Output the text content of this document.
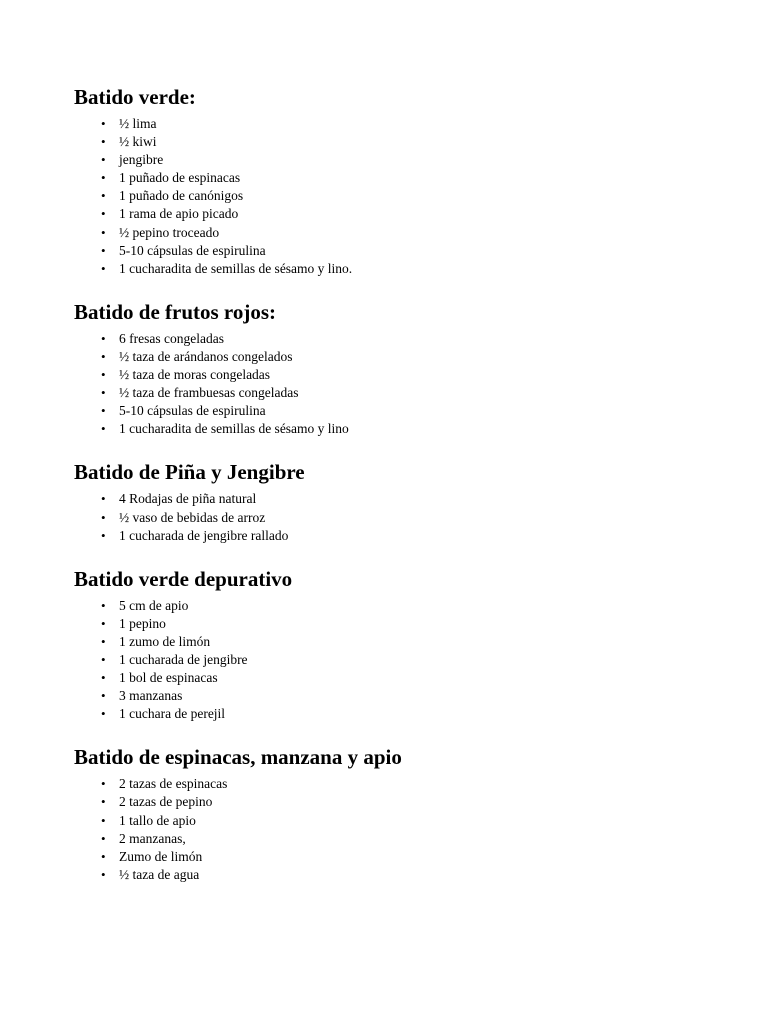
Batido verde:
• ½ lima
• ½ kiwi
• jengibre
• 1 puñado de espinacas
• 1 puñado de canónigos
• 1 rama de apio picado
• ½ pepino troceado
• 5-10 cápsulas de espirulina
• 1 cucharadita de semillas de sésamo y lino.
Batido de frutos rojos:
• 6 fresas congeladas
• ½ taza de arándanos congelados
• ½ taza de moras congeladas
• ½ taza de frambuesas congeladas
• 5-10 cápsulas de espirulina
• 1 cucharadita de semillas de sésamo y lino
Batido de Piña y Jengibre
• 4 Rodajas de piña natural
• ½ vaso de bebidas de arroz
• 1 cucharada de jengibre rallado
Batido verde depurativo
• 5 cm de apio
• 1 pepino
• 1 zumo de limón
• 1 cucharada de jengibre
• 1 bol de espinacas
• 3 manzanas
• 1 cuchara de perejil
Batido de espinacas, manzana y apio
• 2 tazas de espinacas
• 2 tazas de pepino
• 1 tallo de apio
• 2 manzanas,
• Zumo de limón
• ½ taza de agua
